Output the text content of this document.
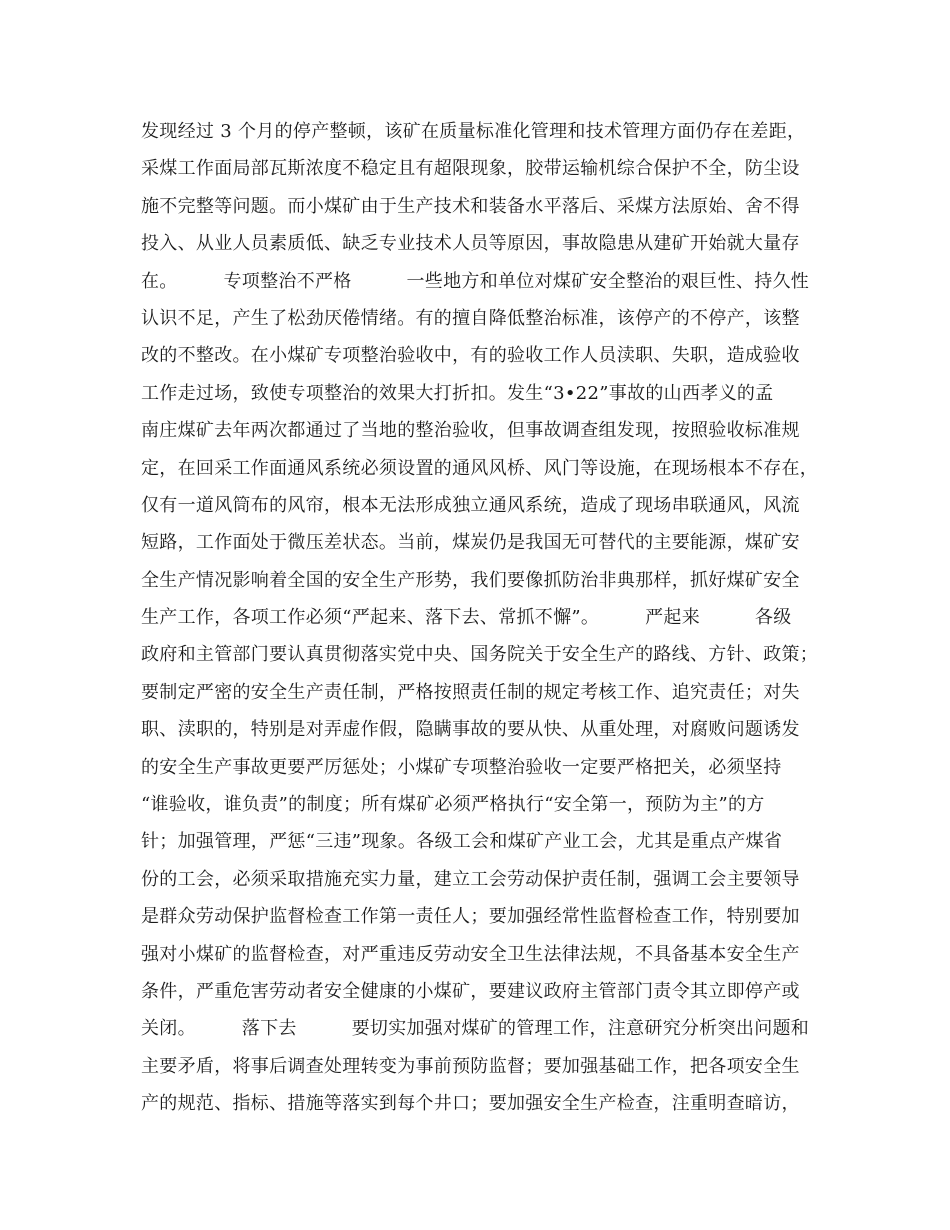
发现经过 3 个月的停产整顿，该矿在质量标准化管理和技术管理方面仍存在差距，
采煤工作面局部瓦斯浓度不稳定且有超限现象，胶带运输机综合保护不全，防尘设
施不完整等问题。而小煤矿由于生产技术和装备水平落后、采煤方法原始、舍不得
投入、从业人员素质低、缺乏专业技术人员等原因，事故隐患从建矿开始就大量存
在。　　　专项整治不严格　　　一些地方和单位对煤矿安全整治的艰巨性、持久性
认识不足，产生了松劲厌倦情绪。有的擅自降低整治标准，该停产的不停产，该整
改的不整改。在小煤矿专项整治验收中，有的验收工作人员渎职、失职，造成验收
工作走过场，致使专项整治的效果大打折扣。发生“3•22”事故的山西孝义的孟
南庄煤矿去年两次都通过了当地的整治验收，但事故调查组发现，按照验收标准规
定，在回采工作面通风系统必须设置的通风风桥、风门等设施，在现场根本不存在，
仅有一道风筒布的风帘，根本无法形成独立通风系统，造成了现场串联通风，风流
短路，工作面处于微压差状态。当前，煤炭仍是我国无可替代的主要能源，煤矿安
全生产情况影响着全国的安全生产形势，我们要像抓防治非典那样，抓好煤矿安全
生产工作，各项工作必须“严起来、落下去、常抓不懈”。　　　严起来　　　各级
政府和主管部门要认真贯彻落实党中央、国务院关于安全生产的路线、方针、政策；
要制定严密的安全生产责任制，严格按照责任制的规定考核工作、追究责任；对失
职、渎职的，特别是对弄虚作假，隐瞒事故的要从快、从重处理，对腐败问题诱发
的安全生产事故更要严厉惩处；小煤矿专项整治验收一定要严格把关，必须坚持
“谁验收，谁负责”的制度；所有煤矿必须严格执行“安全第一，预防为主”的方
针；加强管理，严惩“三违”现象。各级工会和煤矿产业工会，尤其是重点产煤省
份的工会，必须采取措施充实力量，建立工会劳动保护责任制，强调工会主要领导
是群众劳动保护监督检查工作第一责任人；要加强经常性监督检查工作，特别要加
强对小煤矿的监督检查，对严重违反劳动安全卫生法律法规，不具备基本安全生产
条件，严重危害劳动者安全健康的小煤矿，要建议政府主管部门责令其立即停产或
关闭。　　　落下去　　　要切实加强对煤矿的管理工作，注意研究分析突出问题和
主要矛盾，将事后调查处理转变为事前预防监督；要加强基础工作，把各项安全生
产的规范、指标、措施等落实到每个井口；要加强安全生产检查，注重明查暗访，
